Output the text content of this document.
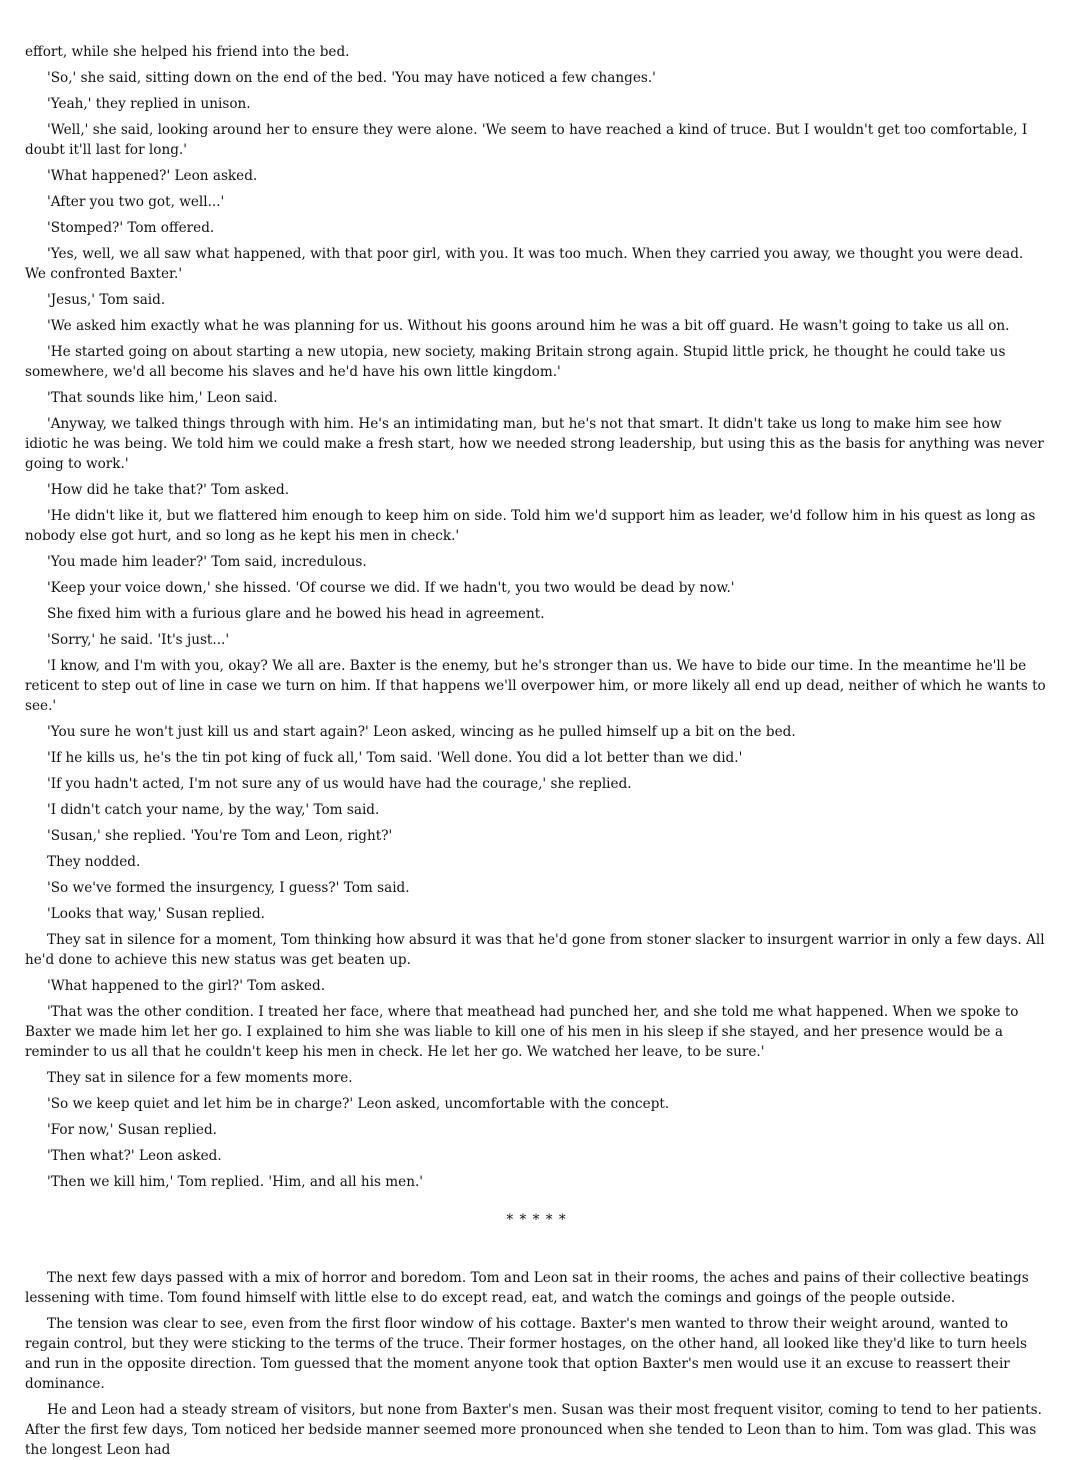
effort, while she helped his friend into the bed.

'So,' she said, sitting down on the end of the bed. 'You may have noticed a few changes.'

'Yeah,' they replied in unison.

'Well,' she said, looking around her to ensure they were alone. 'We seem to have reached a kind of truce. But I wouldn't get too comfortable, I doubt it'll last for long.'

'What happened?' Leon asked.

'After you two got, well...'

'Stomped?' Tom offered.

'Yes, well, we all saw what happened, with that poor girl, with you. It was too much. When they carried you away, we thought you were dead. We confronted Baxter.'

'Jesus,' Tom said.

'We asked him exactly what he was planning for us. Without his goons around him he was a bit off guard. He wasn't going to take us all on.

'He started going on about starting a new utopia, new society, making Britain strong again. Stupid little prick, he thought he could take us somewhere, we'd all become his slaves and he'd have his own little kingdom.'

'That sounds like him,' Leon said.

'Anyway, we talked things through with him. He's an intimidating man, but he's not that smart. It didn't take us long to make him see how idiotic he was being. We told him we could make a fresh start, how we needed strong leadership, but using this as the basis for anything was never going to work.'

'How did he take that?' Tom asked.

'He didn't like it, but we flattered him enough to keep him on side. Told him we'd support him as leader, we'd follow him in his quest as long as nobody else got hurt, and so long as he kept his men in check.'

'You made him leader?' Tom said, incredulous.

'Keep your voice down,' she hissed. 'Of course we did. If we hadn't, you two would be dead by now.'

She fixed him with a furious glare and he bowed his head in agreement.

'Sorry,' he said. 'It's just...'

'I know, and I'm with you, okay? We all are. Baxter is the enemy, but he's stronger than us. We have to bide our time. In the meantime he'll be reticent to step out of line in case we turn on him. If that happens we'll overpower him, or more likely all end up dead, neither of which he wants to see.'

'You sure he won't just kill us and start again?' Leon asked, wincing as he pulled himself up a bit on the bed.

'If he kills us, he's the tin pot king of fuck all,' Tom said. 'Well done. You did a lot better than we did.'

'If you hadn't acted, I'm not sure any of us would have had the courage,' she replied.

'I didn't catch your name, by the way,' Tom said.

'Susan,' she replied. 'You're Tom and Leon, right?'

They nodded.

'So we've formed the insurgency, I guess?' Tom said.

'Looks that way,' Susan replied.

They sat in silence for a moment, Tom thinking how absurd it was that he'd gone from stoner slacker to insurgent warrior in only a few days. All he'd done to achieve this new status was get beaten up.

'What happened to the girl?' Tom asked.

'That was the other condition. I treated her face, where that meathead had punched her, and she told me what happened. When we spoke to Baxter we made him let her go. I explained to him she was liable to kill one of his men in his sleep if she stayed, and her presence would be a reminder to us all that he couldn't keep his men in check. He let her go. We watched her leave, to be sure.'

They sat in silence for a few moments more.

'So we keep quiet and let him be in charge?' Leon asked, uncomfortable with the concept.

'For now,' Susan replied.

'Then what?' Leon asked.

'Then we kill him,' Tom replied. 'Him, and all his men.'

* * * * *

The next few days passed with a mix of horror and boredom. Tom and Leon sat in their rooms, the aches and pains of their collective beatings lessening with time. Tom found himself with little else to do except read, eat, and watch the comings and goings of the people outside.

The tension was clear to see, even from the first floor window of his cottage. Baxter's men wanted to throw their weight around, wanted to regain control, but they were sticking to the terms of the truce. Their former hostages, on the other hand, all looked like they'd like to turn heels and run in the opposite direction. Tom guessed that the moment anyone took that option Baxter's men would use it an excuse to reassert their dominance.

He and Leon had a steady stream of visitors, but none from Baxter's men. Susan was their most frequent visitor, coming to tend to her patients. After the first few days, Tom noticed her bedside manner seemed more pronounced when she tended to Leon than to him. Tom was glad. This was the longest Leon had
